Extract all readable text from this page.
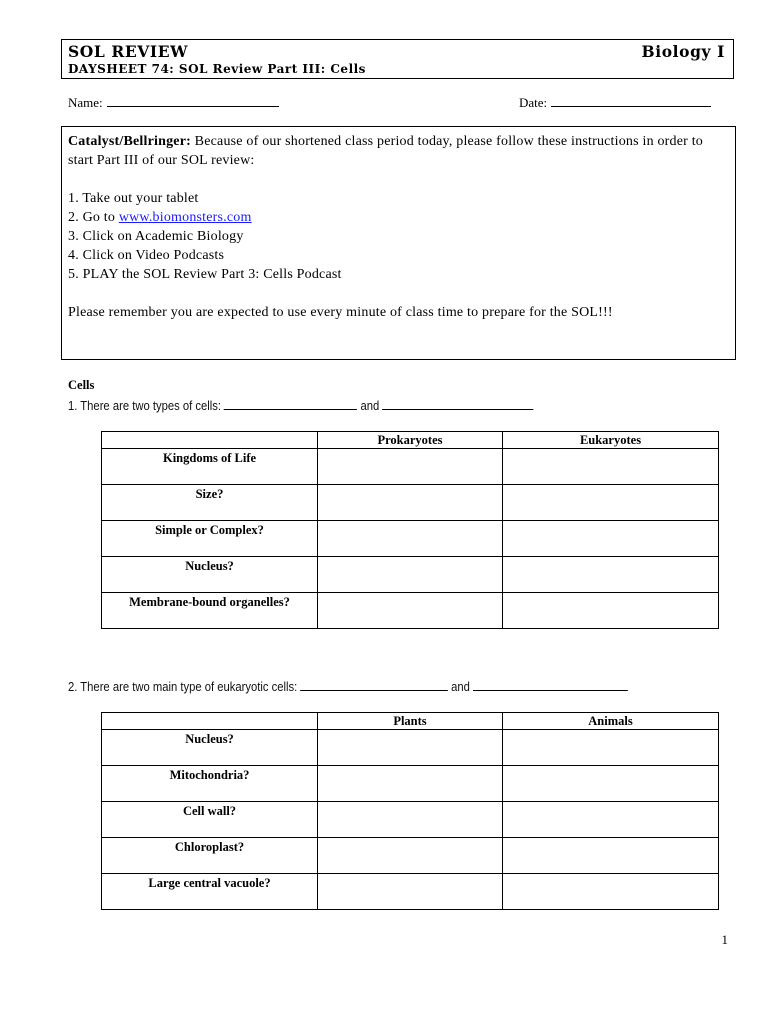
SOL REVIEW	Biology I
DAYSHEET 74: SOL Review Part III: Cells
Name:	Date:

Catalyst/Bellringer: Because of our shortened class period today, please follow these instructions in order to start Part III of our SOL review:

1. Take out your tablet

2. Go to www.biomonsters.com

3. Click on Academic Biology

4. Click on Video Podcasts

5. PLAY the SOL Review Part 3: Cells Podcast

Please remember you are expected to use every minute of class time to prepare for the SOL!!!

Cells
1. There are two types of cells:	and
	Prokaryotes	Eukaryotes
Kingdoms of Life		
Size?		
Simple or Complex?		
Nucleus?		
Membrane-bound organelles?		
2. There are two main type of eukaryotic cells:	and
	Plants	Animals
Nucleus?		
Mitochondria?		
Cell wall?		
Chloroplast?		
Large central vacuole?		
1
